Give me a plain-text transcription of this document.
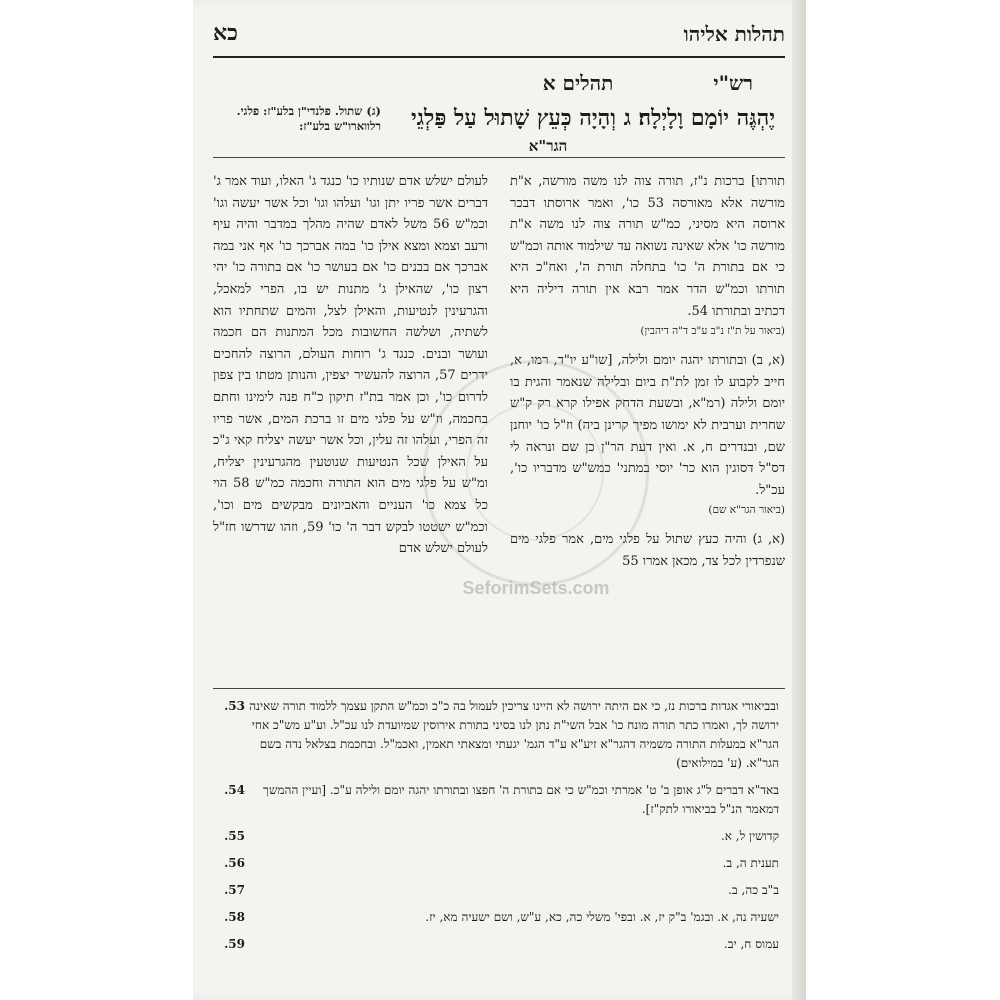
תהלות אליהו
כא
תהלים א	רש"י
יֶהְגֶּה יוֹמָם וָלָיְלָה׃ ג וְהָיָה כְּעֵץ שָׁתוּל עַל פַּלְגֵי
(ג) שתול. פלנדי"ן בלע"ז: פלגי. רלווארו"ש בלע"ז:
הגר"א

תורתו] ברכות נ"ז, תורה צוה לנו משה מורשה, א"ת מורשה אלא מאורסה 53 כו', ואמר ארוסתו דבכר ארוסה היא מסיני, כמ"ש תורה צוה לנו משה א"ת מורשה כו' אלא שאינה נשואה עד שילמוד אותה וכמ"ש כי אם בתורת ה' כו' בתחלה תורת ה', ואח"כ היא תורתו וכמ"ש הדר אמר רבא אין תורה דיליה היא דכתיב ובתורתו 54.

(ביאור על ת"ז נ"ב ע"ב ד"ה דיהבין)

(א, ב) ובתורתו יהגה יומם ולילה, [שו"ע יו"ד, רמו, א, חייב לקבוע לו זמן לת"ת ביום ובלילה שנאמר והגית בו יומם ולילה (רמ"א, ובשעת הדחק אפילו קרא רק ק"ש שחרית וערבית לא ימושו מפיך קרינן ביה) וז"ל כו' יוחנן שם, ובנדרים ח, א. ואין דעת הר"ן כן שם ונראה לי דס"ל דסוגין הוא כר' יוסי במתני' כמש"ש מדבריו כו', עכ"ל.

(ביאור הגר"א שם)

(א, ג) והיה כעץ שתול על פלגי מים, אמר פלגי מים שנפרדין לכל צד, מכאן אמרו 55

לעולם ישלש אדם שנותיו כו' כנגד ג' האלו, ועוד אמר ג' דברים אשר פריו יתן וגו' ועלהו וגו' וכל אשר יעשה וגו' וכמ"ש 56 משל לאדם שהיה מהלך במדבר והיה עיף ורעב וצמא ומצא אילן כו' במה אברכך כו' אף אני במה אברכך אם בבנים כו' אם בעושר כו' אם בתורה כו' יהי רצון כו', שהאילן ג' מתנות יש בו, הפרי למאכל, והגרעינין לנטיעות, והאילן לצל, והמים שתחתיו הוא לשתיה, ושלשה החשובות מכל המתנות הם חכמה ועושר ובנים. כנגד ג' רוחות העולם, הרוצה להחכים ידרים 57, הרוצה להעשיר יצפין, והנותן מטתו בין צפון לדרום כו', וכן אמר בת"ז תיקון כ"ח פנה לימינו וחתם בחכמה, וז"ש על פלגי מים זו ברכת המים, אשר פריו זה הפרי, ועלהו זה עלין, וכל אשר יעשה יצליח קאי ג"כ על האילן שכל הנטיעות שנוטעין מהגרעינין יצליח, ומ"ש על פלגי מים הוא התורה וחכמה כמ"ש 58 הוי כל צמא כו' העניים והאביונים מבקשים מים וכו', וכמ"ש ישטטו לבקש דבר ה' כו' 59, וזהו שדרשו חז"ל לעולם ישלש אדם

SeforimSets.com
ובביאורי אגדות ברכות נז, כי אם היתה ירושה לא היינו צריכין לעמול בה כ"כ וכמ"ש התקן עצמך ללמוד תורה שאינה ירושה לך, ואמרו כתר תורה מונח כו' אבל השי"ת נתן לנו בסיני בתורת אירוסין שמיועדת לנו עכ"ל. וע"ע מש"כ אחי הגר"א במעלות התורה משמיה דהגר"א זיע"א ע"ד הגמ' יגעתי ומצאתי תאמין, ואכמ"ל. ובחכמת בצלאל נדה בשם הגר"א. (ע' במילואים)
53.
באד"א דברים ל"ג אופן ב' ט' אמרתי וכמ"ש כי אם בתורת ה' חפצו ובתורתו יהגה יומם ולילה ע"כ. [ועיין ההמשך דמאמר הנ"ל בביאורו לתק"ז].
54.
קדושין ל, א.
55.
תענית ה, ב.
56.
ב"ב כה, ב.
57.
ישעיה נה, א. ובגמ' ב"ק יז, א. ובפי' משלי כה, כא, ע"ש, ושם ישעיה מא, יז.
58.
עמוס ח, יב.
59.
